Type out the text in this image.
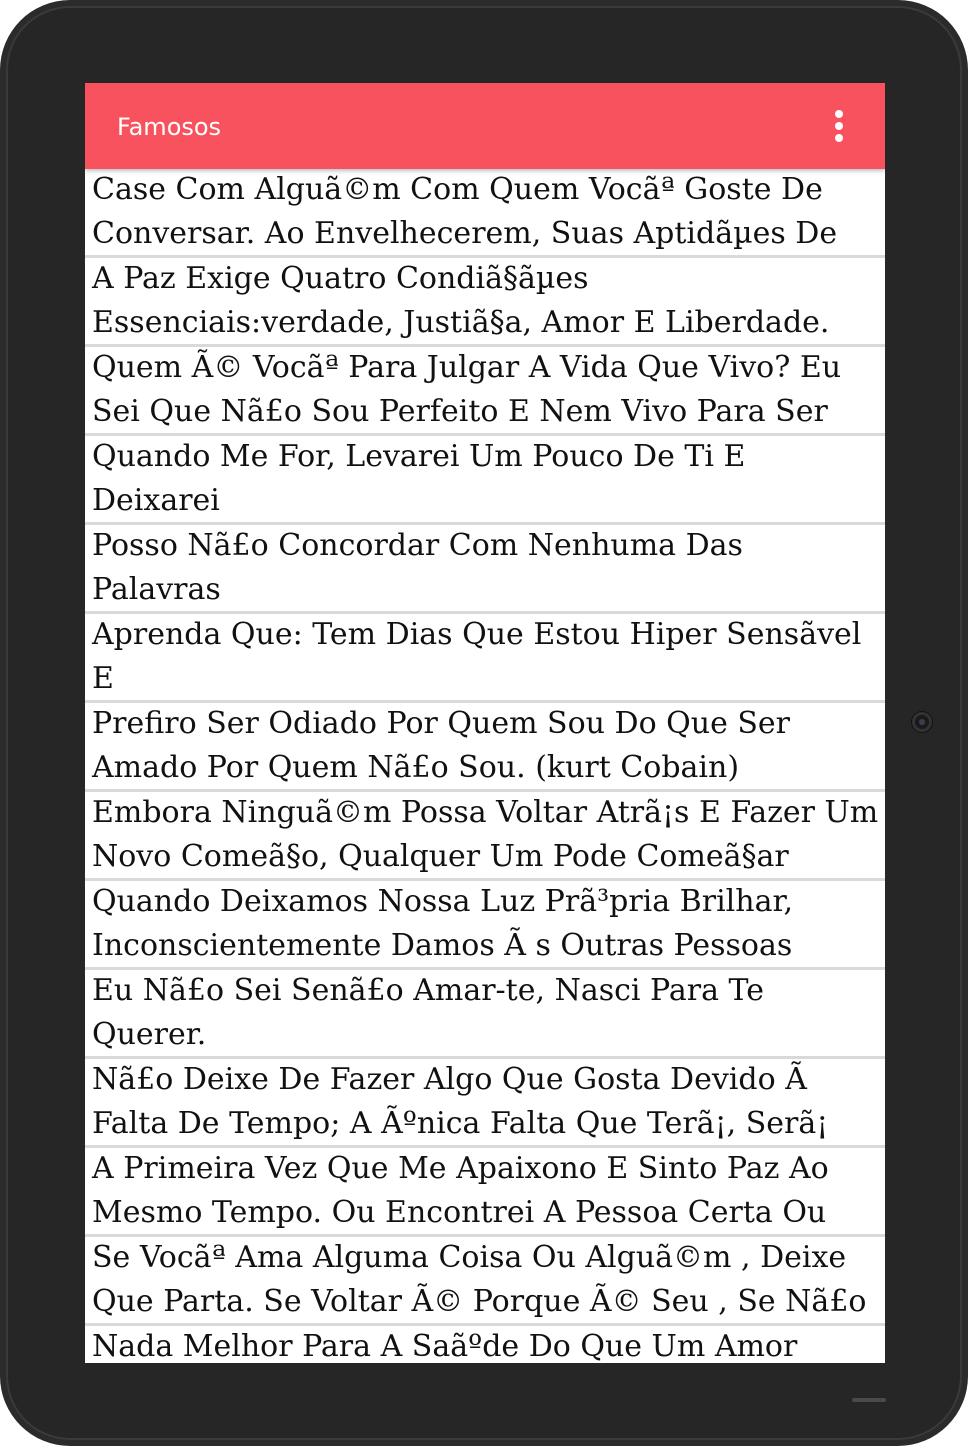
Famosos
Case Com Alguã©m Com Quem Vocãª Goste De
Conversar. Ao Envelhecerem, Suas Aptidãµes De
A Paz Exige Quatro Condiã§ãµes
Essenciais:verdade, Justiã§a, Amor E Liberdade.
Quem Ã© Vocãª Para Julgar A Vida Que Vivo? Eu
Sei Que Nã£o Sou Perfeito E Nem Vivo Para Ser
Quando Me For, Levarei Um Pouco De Ti E Deixarei

Posso Nã£o Concordar Com Nenhuma Das Palavras

Aprenda Que: Tem Dias Que Estou Hiper Sensãvel E

Prefiro Ser Odiado Por Quem Sou Do Que Ser
Amado Por Quem Nã£o Sou. (kurt Cobain)
Embora Ninguã©m Possa Voltar Atrã¡s E Fazer Um
Novo Comeã§o, Qualquer Um Pode Comeã§ar
Quando Deixamos Nossa Luz Prã³pria Brilhar,
Inconscientemente Damos Ã s Outras Pessoas
Eu Nã£o Sei Senã£o Amar-te, Nasci Para Te Querer.

Nã£o Deixe De Fazer Algo Que Gosta Devido Ã
Falta De Tempo; A Ãºnica Falta Que Terã¡, Serã¡
A Primeira Vez Que Me Apaixono E Sinto Paz Ao
Mesmo Tempo. Ou Encontrei A Pessoa Certa Ou
Se Vocãª Ama Alguma Coisa Ou Alguã©m , Deixe
Que Parta. Se Voltar Ã© Porque Ã© Seu , Se Nã£o
Nada Melhor Para A Saãºde Do Que Um Amor
